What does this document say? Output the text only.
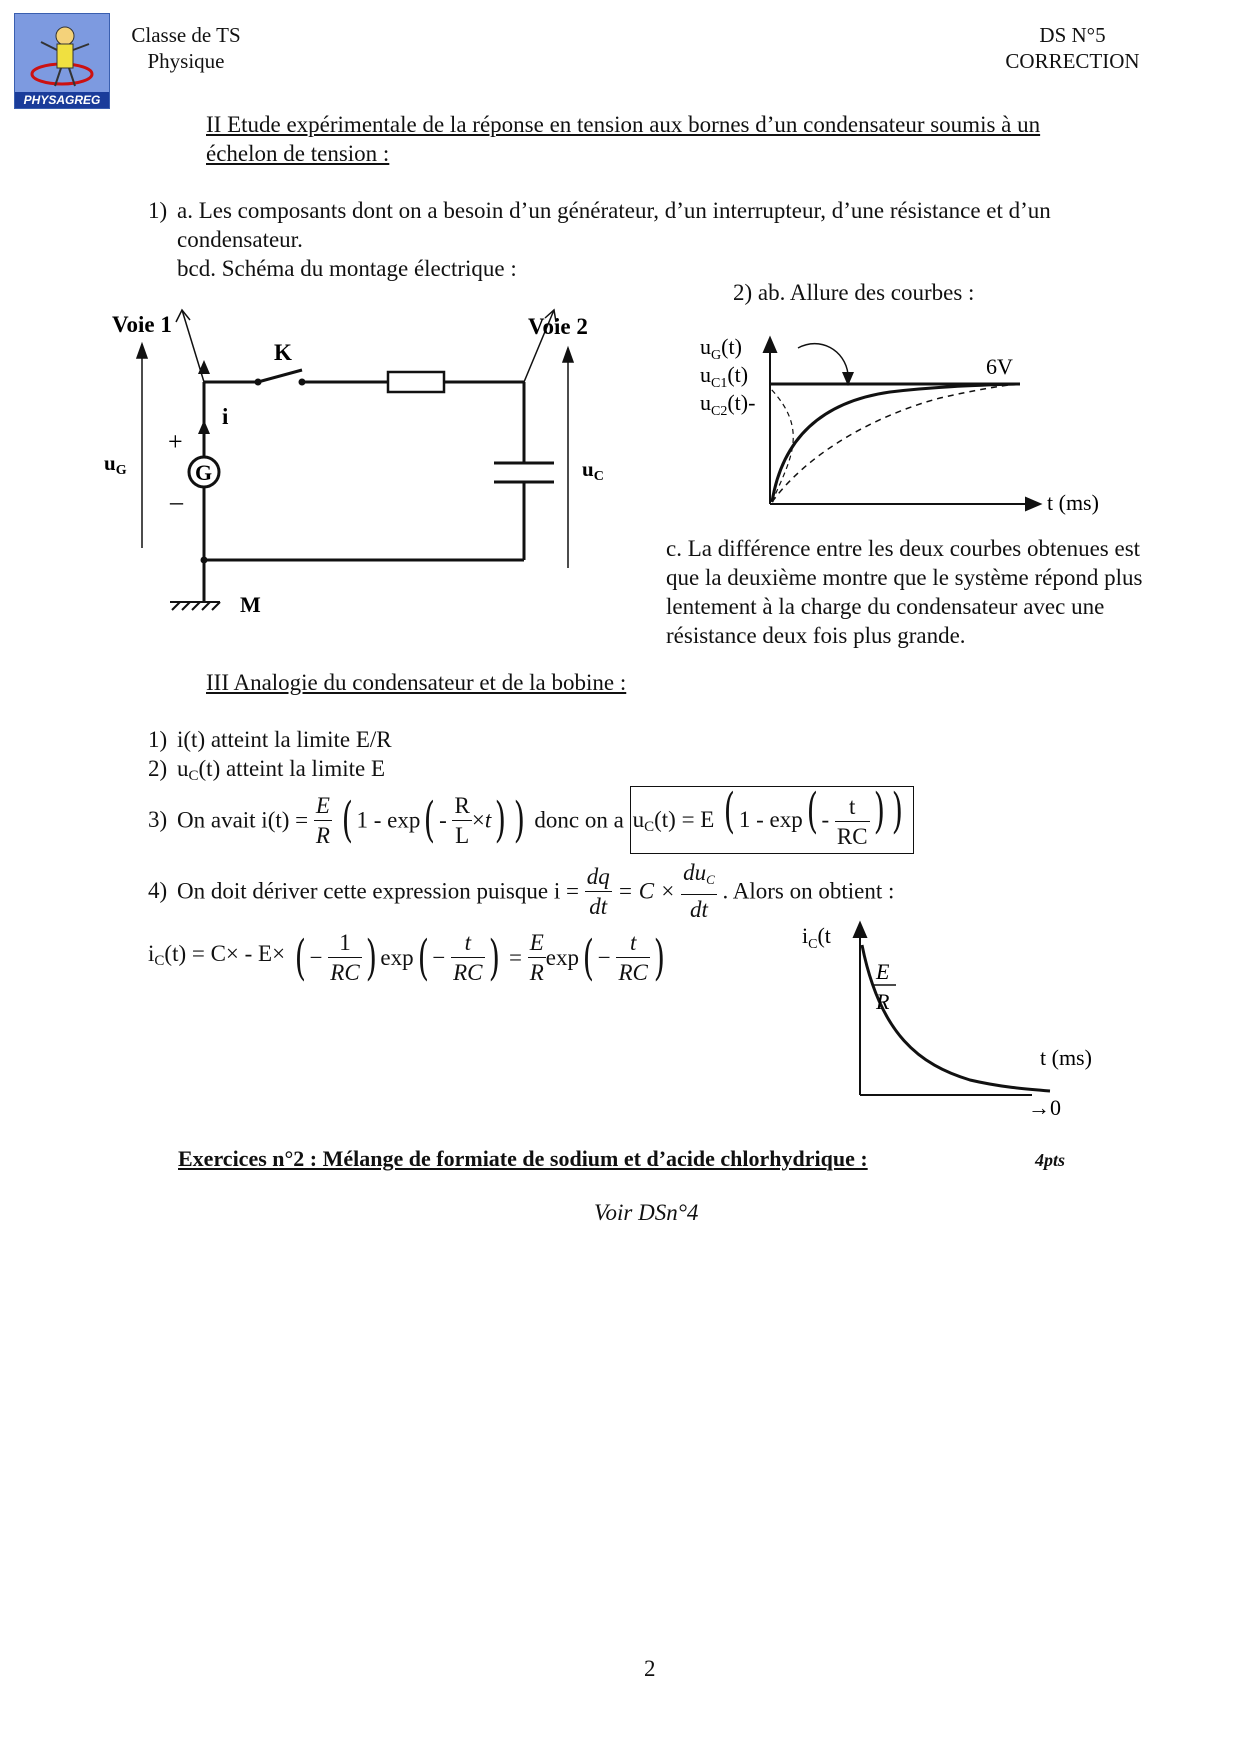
PHYSAGREG
Classe de TS
Physique
DS N°5
CORRECTION
II Etude expérimentale de la réponse en tension aux bornes d’un condensateur soumis à un
échelon de tension :
1) a. Les composants dont on a besoin d’un générateur, d’un interrupteur, d’une résistance et d’un
condensateur.
bcd. Schéma du montage électrique :
2) ab. Allure des courbes :
G
Voie 1	Voie 2
K
i
+
–
uG	uC
M
$u_G(t)$
$u_{C1}(t)$
$u_{C2}(t)-$
6V
t (ms)
c. La différence entre les deux courbes obtenues est
que la deuxième montre que le système répond plus
lentement à la charge du condensateur avec une
résistance deux fois plus grande.
III Analogie du condensateur et de la bobine :
1) i(t) atteint la limite E/R
2) $u_C(t)$ atteint la limite E
3) On avait $i(t) = \frac{E}{R}$ ( $1 - \exp( - \frac{R}{L} \times t)$ ) donc on a $u_C(t) = E$ ( $1 - \exp( - \frac{t}{RC}$ ) )
4) On doit dériver cette expression puisque $i = \frac{dq}{dt} = C \times \frac{du_C}{dt}$ . Alors on obtient :
$i_C(t) = C\times - E\times$ ( − $\frac{1}{RC}$ ) $\exp( - \frac{t}{RC}$ ) = $\frac{E}{R} \exp( - \frac{t}{RC}$ )	$i_C(t$
E
R
t (ms)
→0
Exercices n°2 : Mélange de formiate de sodium et d’acide chlorhydrique :	4pts
Voir DSn°4
2
